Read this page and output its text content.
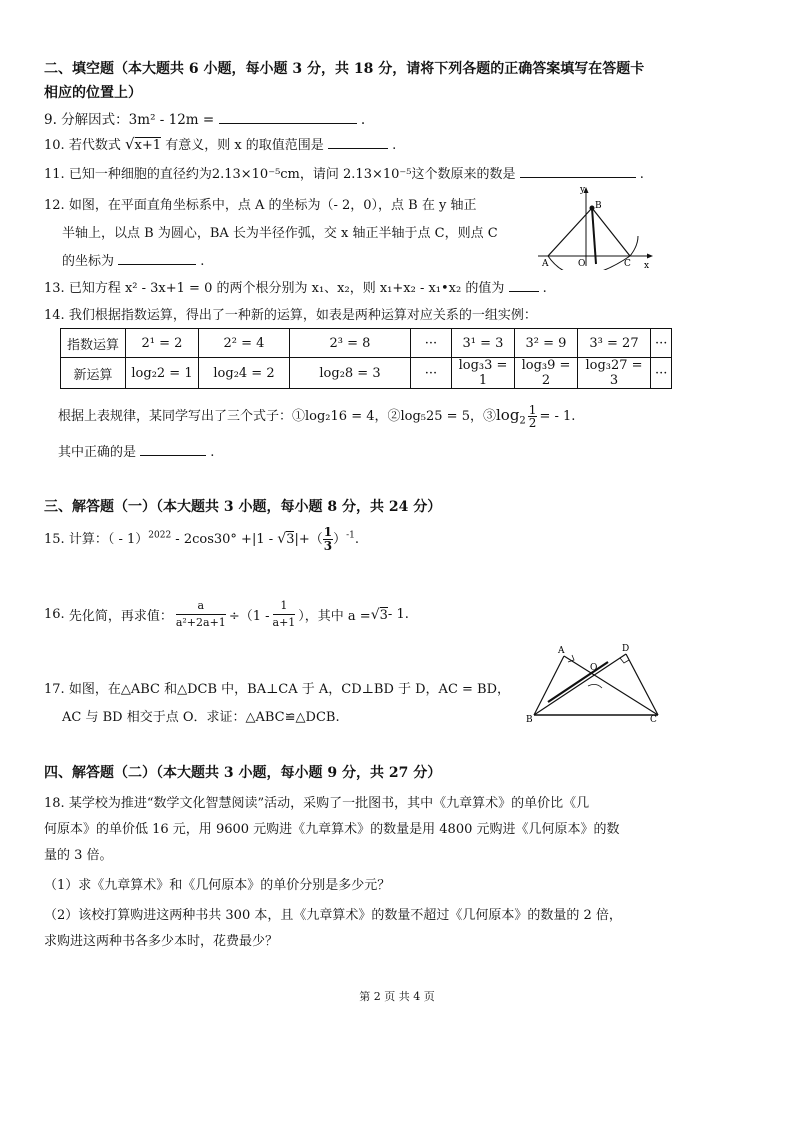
二、填空题（本大题共 6 小题，每小题 3 分，共 18 分，请将下列各题的正确答案填写在答题卡
相应的位置上）
9. 分解因式：3m² - 12m =	.
10. 若代数式 √x+1 有意义，则 x 的取值范围是	.
11. 已知一种细胞的直径约为2.13×10⁻⁵cm，请问 2.13×10⁻⁵这个数原来的数是	.
12. 如图，在平面直角坐标系中，点 A 的坐标为（- 2，0），点 B 在 y 轴正
半轴上，以点 B 为圆心，BA 长为半径作弧，交 x 轴正半轴于点 C，则点 C
的坐标为	.
y
x
A	O	C
B
13. 已知方程 x² - 3x+1 = 0 的两个根分别为 x₁、x₂，则 x₁+x₂ - x₁•x₂ 的值为	.
14. 我们根据指数运算，得出了一种新的运算，如表是两种运算对应关系的一组实例：
指数运算	2¹ = 2	2² = 4	2³ = 8	···	3¹ = 3	3² = 9	3³ = 27	···
新运算	log₂2 = 1	log₂4 = 2	log₂8 = 3	···	log₃3 = 1	log₃9 = 2	log₃27 = 3	···
根据上表规律，某同学写出了三个式子：①log₂16 = 4，②log₅25 = 5，$③\log_2 \frac{1}{2}$ = - 1.
其中正确的是	.
三、解答题（一）（本大题共 3 小题，每小题 8 分，共 24 分）
15. 计算：（ - $1)^{2022} - 2\cos 30^\circ +|1 - √3|+( \frac{1}{3} )^{-1}$.
16.
先化简，再求值： $\frac{a}{\text{a²+2a+1}} \div(1 - \frac{1}{a+1}$ ），其中 a = √ 3 - 1.
17. 如图，在△ABC 和△DCB 中，BA⊥CA 于 A，CD⊥BD 于 D，AC = BD，
AC 与 BD 相交于点 O．求证：△ABC≌△DCB.
A	D
O
B	C
四、解答题（二）（本大题共 3 小题，每小题 9 分，共 27 分）
18. 某学校为推进“数学文化智慧阅读”活动，采购了一批图书，其中《九章算术》的单价比《几
何原本》的单价低 16 元，用 9600 元购进《九章算术》的数量是用 4800 元购进《几何原本》的数
量的 3 倍。
（1）求《九章算术》和《几何原本》的单价分别是多少元？
（2）该校打算购进这两种书共 300 本，且《九章算术》的数量不超过《几何原本》的数量的 2 倍，
求购进这两种书各多少本时，花费最少？
第 2 页 共 4 页
